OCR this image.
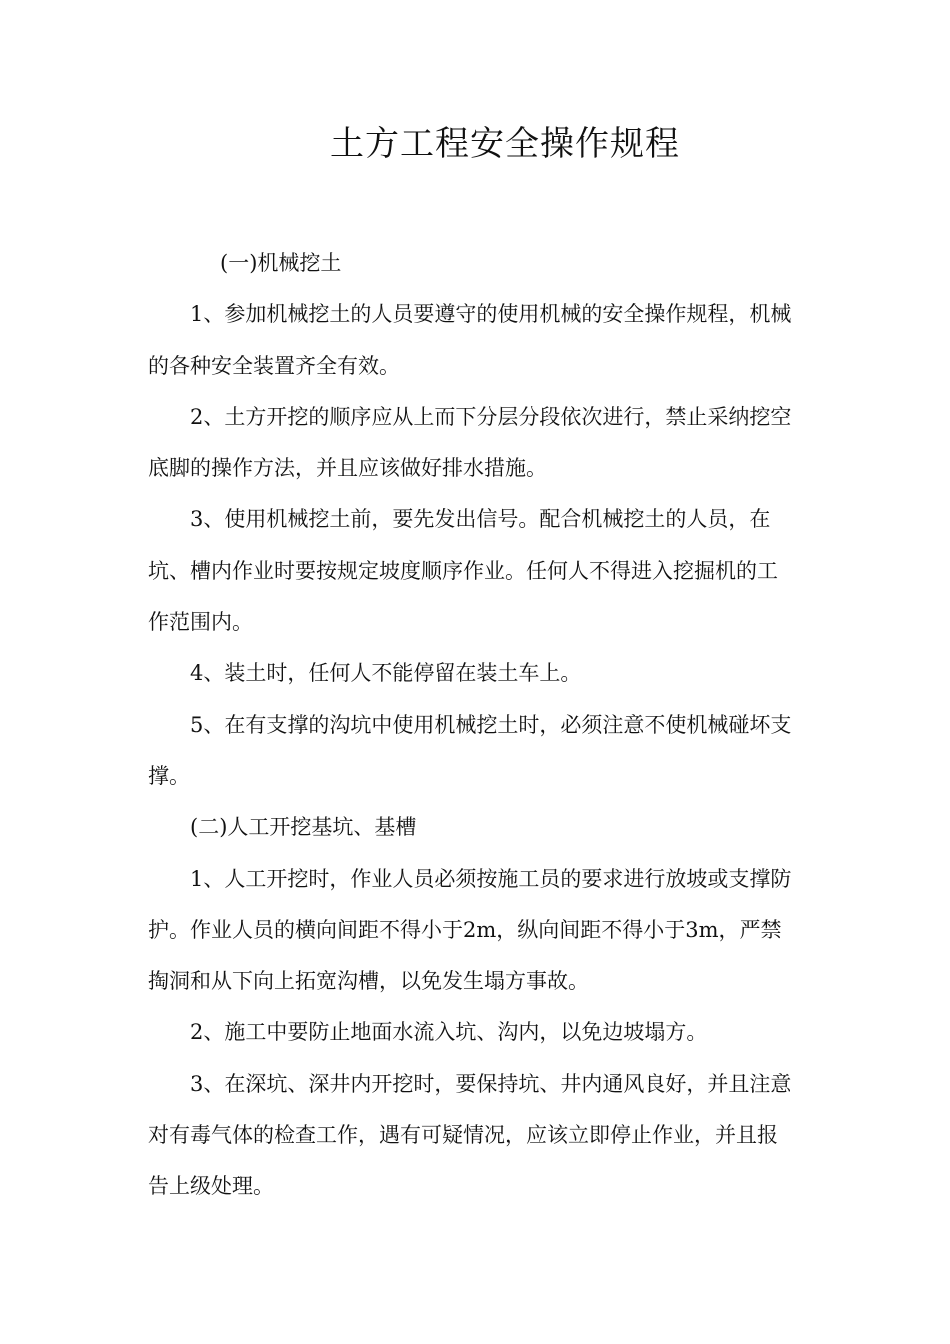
土方工程安全操作规程

(一)机械挖土

1、参加机械挖土的人员要遵守的使用机械的安全操作规程，机械的各种安全装置齐全有效。

2、土方开挖的顺序应从上而下分层分段依次进行，禁止采纳挖空底脚的操作方法，并且应该做好排水措施。

3、使用机械挖土前，要先发出信号。配合机械挖土的人员，在坑、槽内作业时要按规定坡度顺序作业。任何人不得进入挖掘机的工作范围内。

4、装土时，任何人不能停留在装土车上。

5、在有支撑的沟坑中使用机械挖土时，必须注意不使机械碰坏支撑。

(二)人工开挖基坑、基槽

1、人工开挖时，作业人员必须按施工员的要求进行放坡或支撑防护。作业人员的横向间距不得小于2m，纵向间距不得小于3m，严禁掏洞和从下向上拓宽沟槽，以免发生塌方事故。

2、施工中要防止地面水流入坑、沟内，以免边坡塌方。

3、在深坑、深井内开挖时，要保持坑、井内通风良好，并且注意对有毒气体的检查工作，遇有可疑情况，应该立即停止作业，并且报告上级处理。
